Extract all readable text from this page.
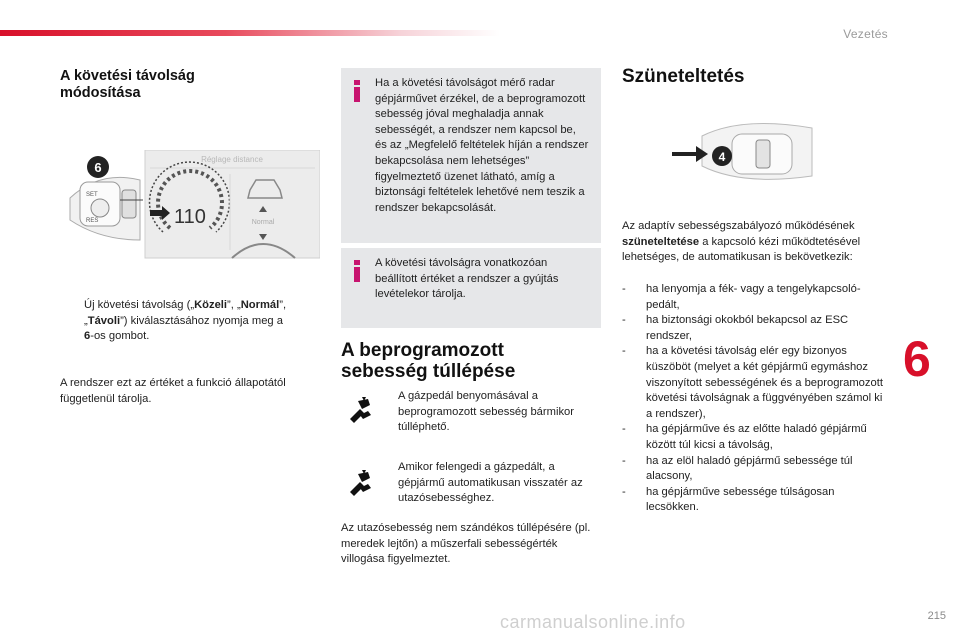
Vezetés
A követési távolság
módosítása
SET
RES
6
Réglage distance
110	Normal
Új követési távolság („Közeli”, „Normál”,
„Távoli”) kiválasztásához nyomja meg a
6-os gombot.
A rendszer ezt az értéket a funkció állapotától függetlenül tárolja.
Ha a követési távolságot mérő radar gépjárművet érzékel, de a beprogramozott sebesség jóval meghaladja annak sebességét, a rendszer nem kapcsol be, és az „Megfelelő feltételek híján a rendszer bekapcsolása nem lehetséges” figyelmeztető üzenet látható, amíg a biztonsági feltételek lehetővé nem teszik a rendszer bekapcsolását.
A követési távolságra vonatkozóan beállított értéket a rendszer a gyújtás levételekor tárolja.
A beprogramozott
sebesség túllépése
A gázpedál benyomásával a beprogramozott sebesség bármikor túlléphető.
Amikor felengedi a gázpedált, a gépjármű automatikusan visszatér az utazósebességhez.
Az utazósebesség nem szándékos túllépésére (pl. meredek lejtőn) a műszerfali sebességérték villogása figyelmeztet.
Szüneteltetés
4
Az adaptív sebességszabályozó működésének szüneteltetése a kapcsoló kézi működtetésével lehetséges, de automatikusan is bekövetkezik:
- ha lenyomja a fék- vagy a tengelykapcsoló-pedált,
- ha biztonsági okokból bekapcsol az ESC rendszer,
- ha a követési távolság elér egy bizonyos küszöböt (melyet a két gépjármű egymáshoz viszonyított sebességének és a beprogramozott követési távolságnak a függvényében számol ki a rendszer),
- ha gépjárműve és az előtte haladó gépjármű között túl kicsi a távolság,
- ha az elöl haladó gépjármű sebessége túl alacsony,
- ha gépjárműve sebessége túlságosan lecsökken.
6
carmanualsonline.info	215
